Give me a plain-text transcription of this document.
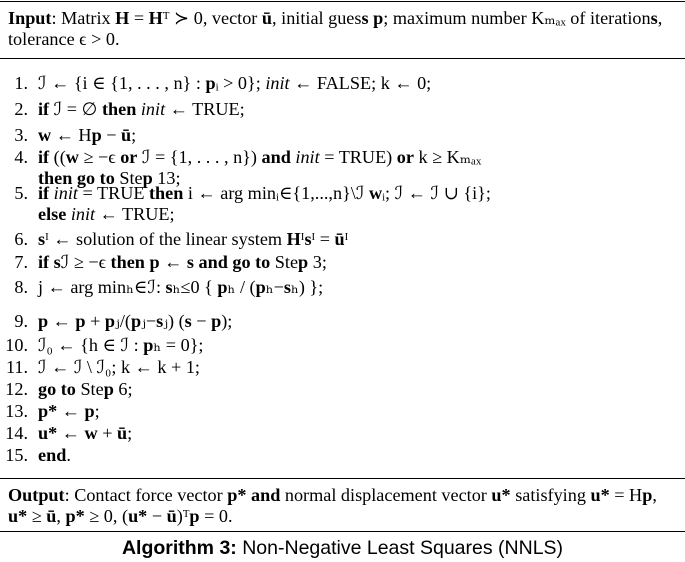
Input: Matrix H = Hᵀ ≻ 0, vector ū, initial guess p; maximum number Kₘₐₓ of iterations, tolerance ϵ > 0.
1. ℐ ← {i ∈ {1, . . . , n} : pᵢ > 0}; init ← FALSE; k ← 0;
2. if ℐ = ∅ then init ← TRUE;
3. w ← Hp − ū;
4. if ((w ≥ −ϵ or ℐ = {1, . . . , n}) and init = TRUE) or k ≥ Kₘₐₓ
then go to Step 13;
5. if init = TRUE then i ← arg minᵢ∈{1,...,n}\ℐ wᵢ; ℐ ← ℐ ∪ {i};
else init ← TRUE;
6. sᴵ ← solution of the linear system Hᴵsᴵ = ūᴵ
7. if sℐ ≥ −ϵ then p ← s and go to Step 3;
8. j ← arg minₕ∈ℐ: sₕ≤0 { pₕ / (pₕ−sₕ) };
9. p ← p + pⱼ/(pⱼ−sⱼ) (s − p);
10. ℐ₀ ← {h ∈ ℐ : pₕ = 0};
11. ℐ ← ℐ \ ℐ₀; k ← k + 1;
12. go to Step 6;
13. p* ← p;
14. u* ← w + ū;
15. end.
Output: Contact force vector p* and normal displacement vector u* satisfying u* = Hp, u* ≥ ū, p* ≥ 0, (u* − ū)ᵀp = 0.
Algorithm 3: Non-Negative Least Squares (NNLS)
